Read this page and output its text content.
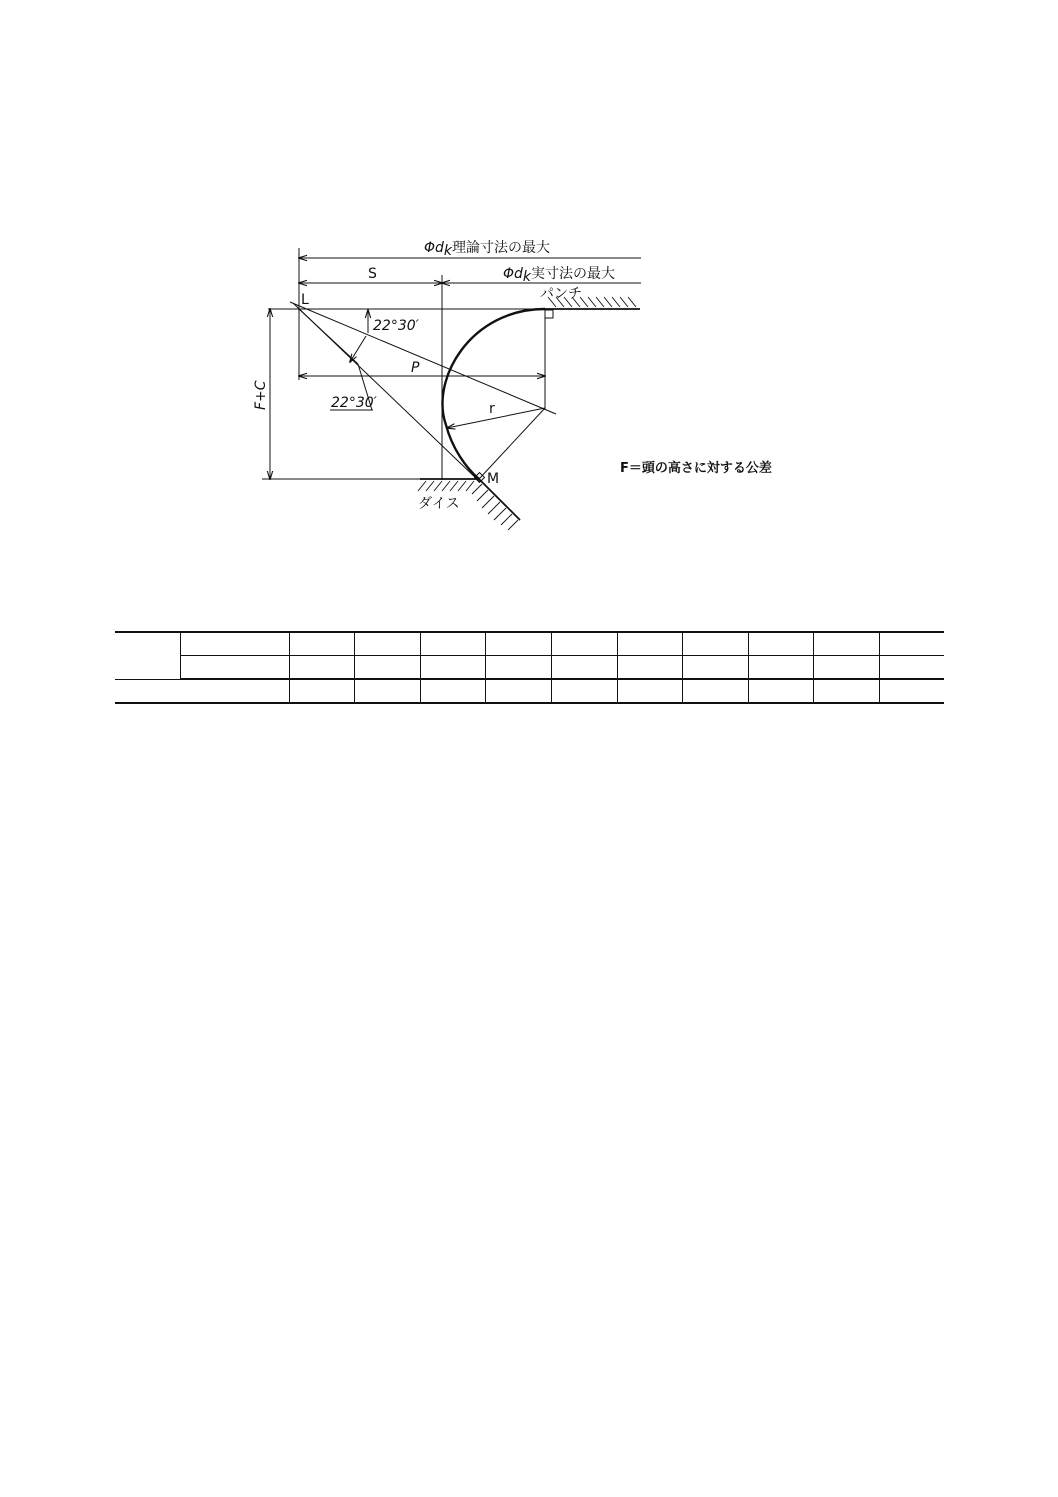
Φdk理論寸法の最大
Φdk実寸法の最大
S
パンチ
L
22°30′
22°30′
P
F+C	r
M
ダイス
F＝頭の高さに対する公差
